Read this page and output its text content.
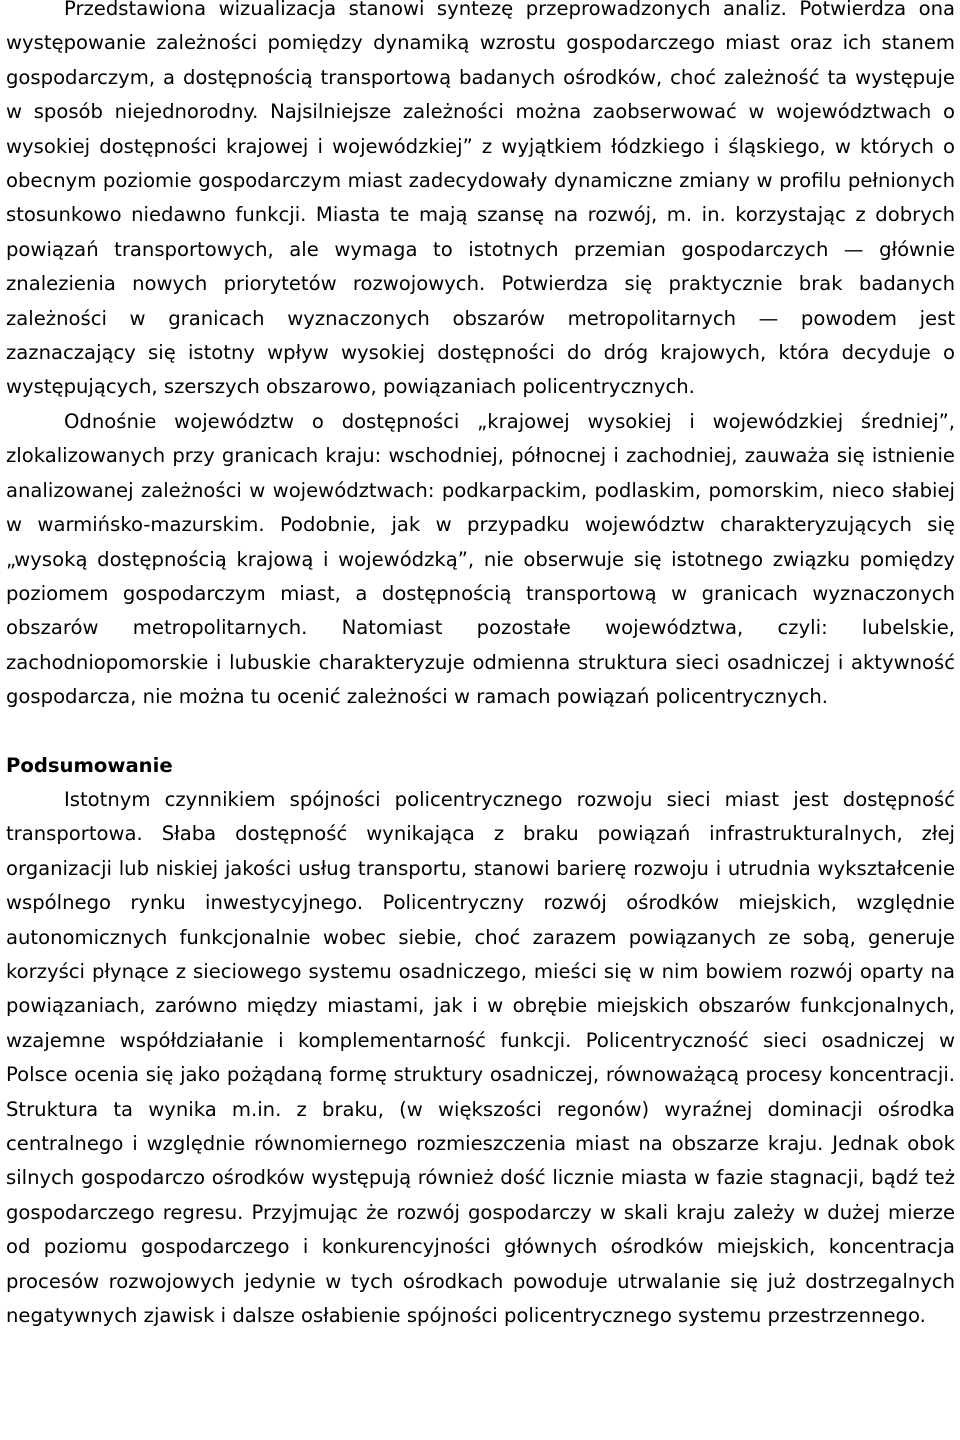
Przedstawiona wizualizacja stanowi syntezę przeprowadzonych analiz. Potwierdza ona występowanie zależności pomiędzy dynamiką wzrostu gospodarczego miast oraz ich stanem gospodarczym, a dostępnością transportową badanych ośrodków, choć zależność ta występuje w sposób niejednorodny. Najsilniejsze zależności można zaobserwować w województwach o wysokiej dostępności krajowej i wojewódzkiej” z wyjątkiem łódzkiego i śląskiego, w których o obecnym poziomie gospodarczym miast zadecydowały dynamiczne zmiany w profilu pełnionych stosunkowo niedawno funkcji. Miasta te mają szansę na rozwój, m. in. korzystając z dobrych powiązań transportowych, ale wymaga to istotnych przemian gospodarczych — głównie znalezienia nowych priorytetów rozwojowych. Potwierdza się praktycznie brak badanych zależności w granicach wyznaczonych obszarów metropolitarnych — powodem jest zaznaczający się istotny wpływ wysokiej dostępności do dróg krajowych, która decyduje o występujących, szerszych obszarowo, powiązaniach policentrycznych.

Odnośnie województw o dostępności „krajowej wysokiej i wojewódzkiej średniej”, zlokalizowanych przy granicach kraju: wschodniej, północnej i zachodniej, zauważa się istnienie analizowanej zależności w województwach: podkarpackim, podlaskim, pomorskim, nieco słabiej w warmińsko-mazurskim. Podobnie, jak w przypadku województw charakteryzujących się „wysoką dostępnością krajową i wojewódzką”, nie obserwuje się istotnego związku pomiędzy poziomem gospodarczym miast, a dostępnością transportową w granicach wyznaczonych obszarów metropolitarnych. Natomiast pozostałe województwa, czyli: lubelskie, zachodniopomorskie i lubuskie charakteryzuje odmienna struktura sieci osadniczej i aktywność gospodarcza, nie można tu ocenić zależności w ramach powiązań policentrycznych.

Podsumowanie

Istotnym czynnikiem spójności policentrycznego rozwoju sieci miast jest dostępność transportowa. Słaba dostępność wynikająca z braku powiązań infrastrukturalnych, złej organizacji lub niskiej jakości usług transportu, stanowi barierę rozwoju i utrudnia wykształcenie wspólnego rynku inwestycyjnego. Policentryczny rozwój ośrodków miejskich, względnie autonomicznych funkcjonalnie wobec siebie, choć zarazem powiązanych ze sobą, generuje korzyści płynące z sieciowego systemu osadniczego, mieści się w nim bowiem rozwój oparty na powiązaniach, zarówno między miastami, jak i w obrębie miejskich obszarów funkcjonalnych, wzajemne współdziałanie i komplementarność funkcji. Policentryczność sieci osadniczej w Polsce ocenia się jako pożądaną formę struktury osadniczej, równoważącą procesy koncentracji. Struktura ta wynika m.in. z braku, (w większości regonów) wyraźnej dominacji ośrodka centralnego i względnie równomiernego rozmieszczenia miast na obszarze kraju. Jednak obok silnych gospodarczo ośrodków występują również dość licznie miasta w fazie stagnacji, bądź też gospodarczego regresu. Przyjmując że rozwój gospodarczy w skali kraju zależy w dużej mierze od poziomu gospodarczego i konkurencyjności głównych ośrodków miejskich, koncentracja procesów rozwojowych jedynie w tych ośrodkach powoduje utrwalanie się już dostrzegalnych negatywnych zjawisk i dalsze osłabienie spójności policentrycznego systemu przestrzennego.
